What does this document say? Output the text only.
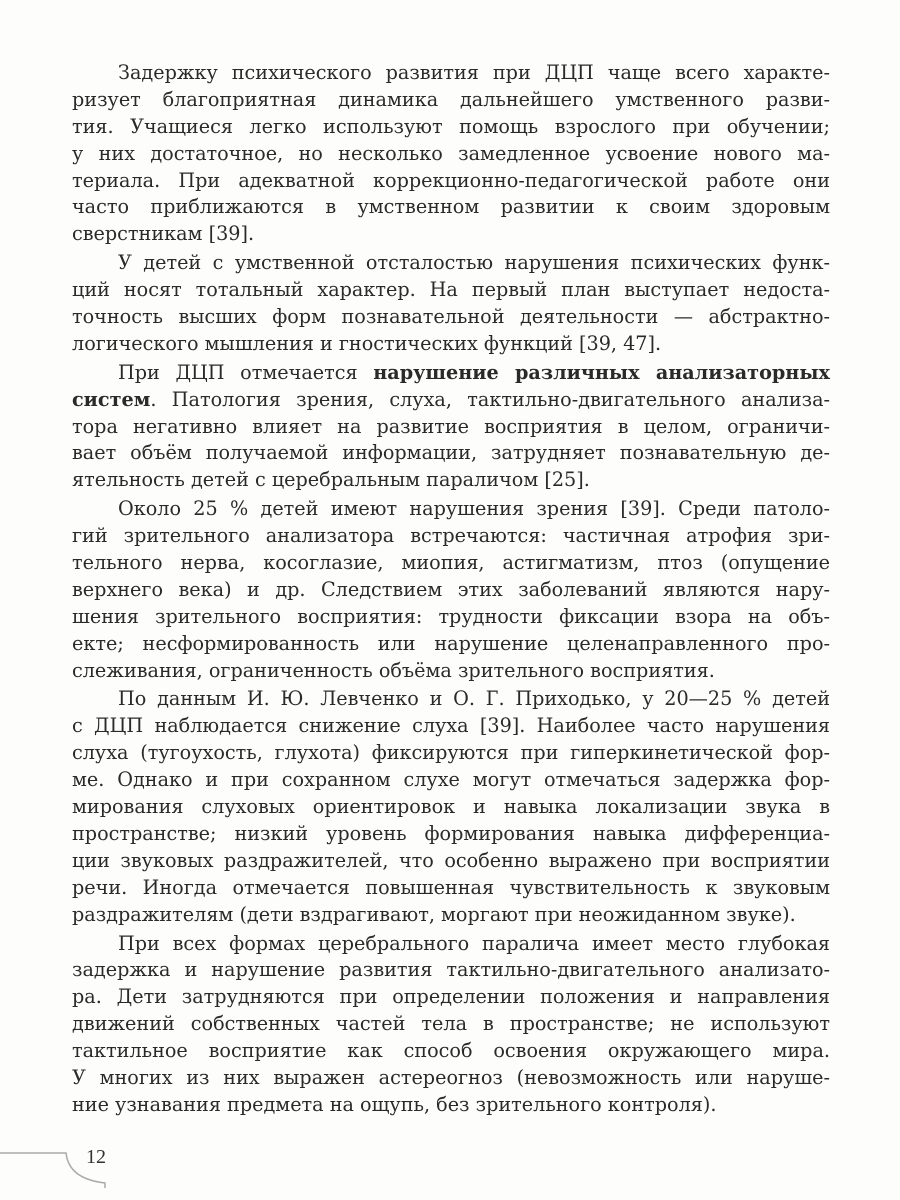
Задержку психического развития при ДЦП чаще всего характе-
ризует благоприятная динамика дальнейшего умственного разви-
тия. Учащиеся легко используют помощь взрослого при обучении;
у них достаточное, но несколько замедленное усвоение нового ма-
териала. При адекватной коррекционно-педагогической работе они
часто приближаются в умственном развитии к своим здоровым
сверстникам [39].
У детей с умственной отсталостью нарушения психических функ-
ций носят тотальный характер. На первый план выступает недоста-
точность высших форм познавательной деятельности — абстрактно-
логического мышления и гностических функций [39, 47].
При ДЦП отмечается нарушение различных анализаторных
систем. Патология зрения, слуха, тактильно-двигательного анализа-
тора негативно влияет на развитие восприятия в целом, ограничи-
вает объём получаемой информации, затрудняет познавательную де-
ятельность детей с церебральным параличом [25].
Около 25 % детей имеют нарушения зрения [39]. Среди патоло-
гий зрительного анализатора встречаются: частичная атрофия зри-
тельного нерва, косоглазие, миопия, астигматизм, птоз (опущение
верхнего века) и др. Следствием этих заболеваний являются нару-
шения зрительного восприятия: трудности фиксации взора на объ-
екте; несформированность или нарушение целенаправленного про-
слеживания, ограниченность объёма зрительного восприятия.
По данным И. Ю. Левченко и О. Г. Приходько, у 20—25 % детей
с ДЦП наблюдается снижение слуха [39]. Наиболее часто нарушения
слуха (тугоухость, глухота) фиксируются при гиперкинетической фор-
ме. Однако и при сохранном слухе могут отмечаться задержка фор-
мирования слуховых ориентировок и навыка локализации звука в
пространстве; низкий уровень формирования навыка дифференциа-
ции звуковых раздражителей, что особенно выражено при восприятии
речи. Иногда отмечается повышенная чувствительность к звуковым
раздражителям (дети вздрагивают, моргают при неожиданном звуке).
При всех формах церебрального паралича имеет место глубокая
задержка и нарушение развития тактильно-двигательного анализато-
ра. Дети затрудняются при определении положения и направления
движений собственных частей тела в пространстве; не используют
тактильное восприятие как способ освоения окружающего мира.
У многих из них выражен астереогноз (невозможность или наруше-
ние узнавания предмета на ощупь, без зрительного контроля).
12
